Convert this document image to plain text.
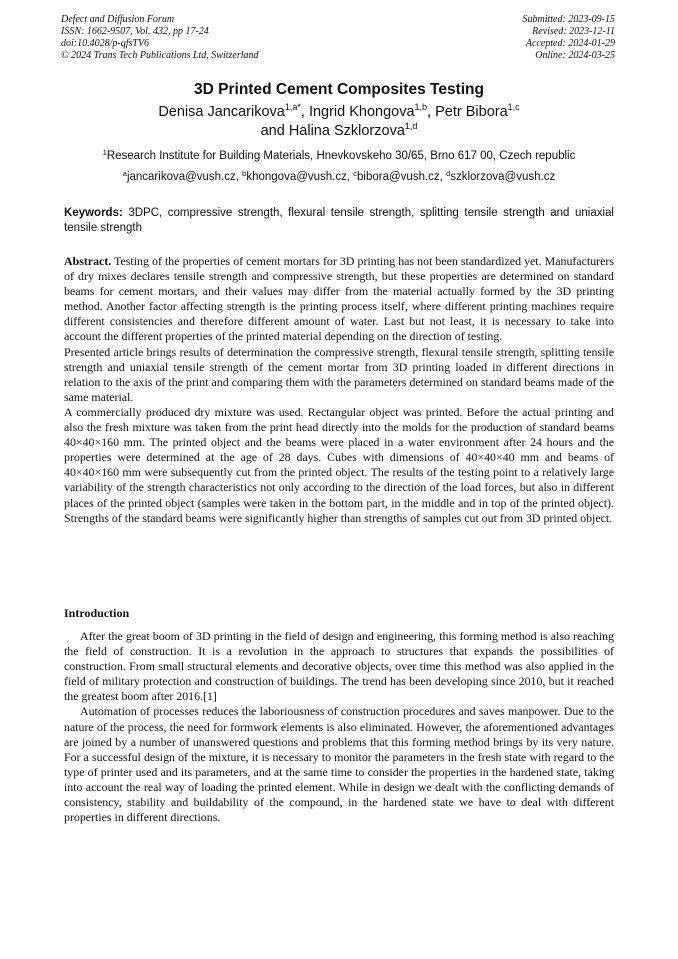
Defect and Diffusion Forum
ISSN: 1662-9507, Vol. 432, pp 17-24
doi:10.4028/p-qfsTV6
© 2024 Trans Tech Publications Ltd, Switzerland
Submitted: 2023-09-15
Revised: 2023-12-11
Accepted: 2024-01-29
Online: 2024-03-25
3D Printed Cement Composites Testing
Denisa Jancarikova$^{1,a*}$, Ingrid Khongova$^{1,b}$, Petr Bibora$^{1,c}$
and Halina Szklorzova$^{1,d}$
$^1$Research Institute for Building Materials, Hnevkovskeho 30/65, Brno 617 00, Czech republic
$^a$jancarikova@vush.cz, $^b$khongova@vush.cz, $^c$bibora@vush.cz, $^d$szklorzova@vush.cz
Keywords: 3DPC, compressive strength, flexural tensile strength, splitting tensile strength and uniaxial tensile strength

Abstract. Testing of the properties of cement mortars for 3D printing has not been standardized yet. Manufacturers of dry mixes declares tensile strength and compressive strength, but these properties are determined on standard beams for cement mortars, and their values may differ from the material actually formed by the 3D printing method. Another factor affecting strength is the printing process itself, where different printing machines require different consistencies and therefore different amount of water. Last but not least, it is necessary to take into account the different properties of the printed material depending on the direction of testing.

Presented article brings results of determination the compressive strength, flexural tensile strength, splitting tensile strength and uniaxial tensile strength of the cement mortar from 3D printing loaded in different directions in relation to the axis of the print and comparing them with the parameters determined on standard beams made of the same material.

A commercially produced dry mixture was used. Rectangular object was printed. Before the actual printing and also the fresh mixture was taken from the print head directly into the molds for the production of standard beams 40×40×160 mm. The printed object and the beams were placed in a water environment after 24 hours and the properties were determined at the age of 28 days. Cubes with dimensions of 40×40×40 mm and beams of 40×40×160 mm were subsequently cut from the printed object. The results of the testing point to a relatively large variability of the strength characteristics not only according to the direction of the load forces, but also in different places of the printed object (samples were taken in the bottom part, in the middle and in top of the printed object). Strengths of the standard beams were significantly higher than strengths of samples cut out from 3D printed object.

Introduction

After the great boom of 3D printing in the field of design and engineering, this forming method is also reaching the field of construction. It is a revolution in the approach to structures that expands the possibilities of construction. From small structural elements and decorative objects, over time this method was also applied in the field of military protection and construction of buildings. The trend has been developing since 2010, but it reached the greatest boom after 2016.[1]

Automation of processes reduces the laboriousness of construction procedures and saves manpower. Due to the nature of the process, the need for formwork elements is also eliminated. However, the aforementioned advantages are joined by a number of unanswered questions and problems that this forming method brings by its very nature. For a successful design of the mixture, it is necessary to monitor the parameters in the fresh state with regard to the type of printer used and its parameters, and at the same time to consider the properties in the hardened state, taking into account the real way of loading the printed element. While in design we dealt with the conflicting demands of consistency, stability and buildability of the compound, in the hardened state we have to deal with different properties in different directions.
